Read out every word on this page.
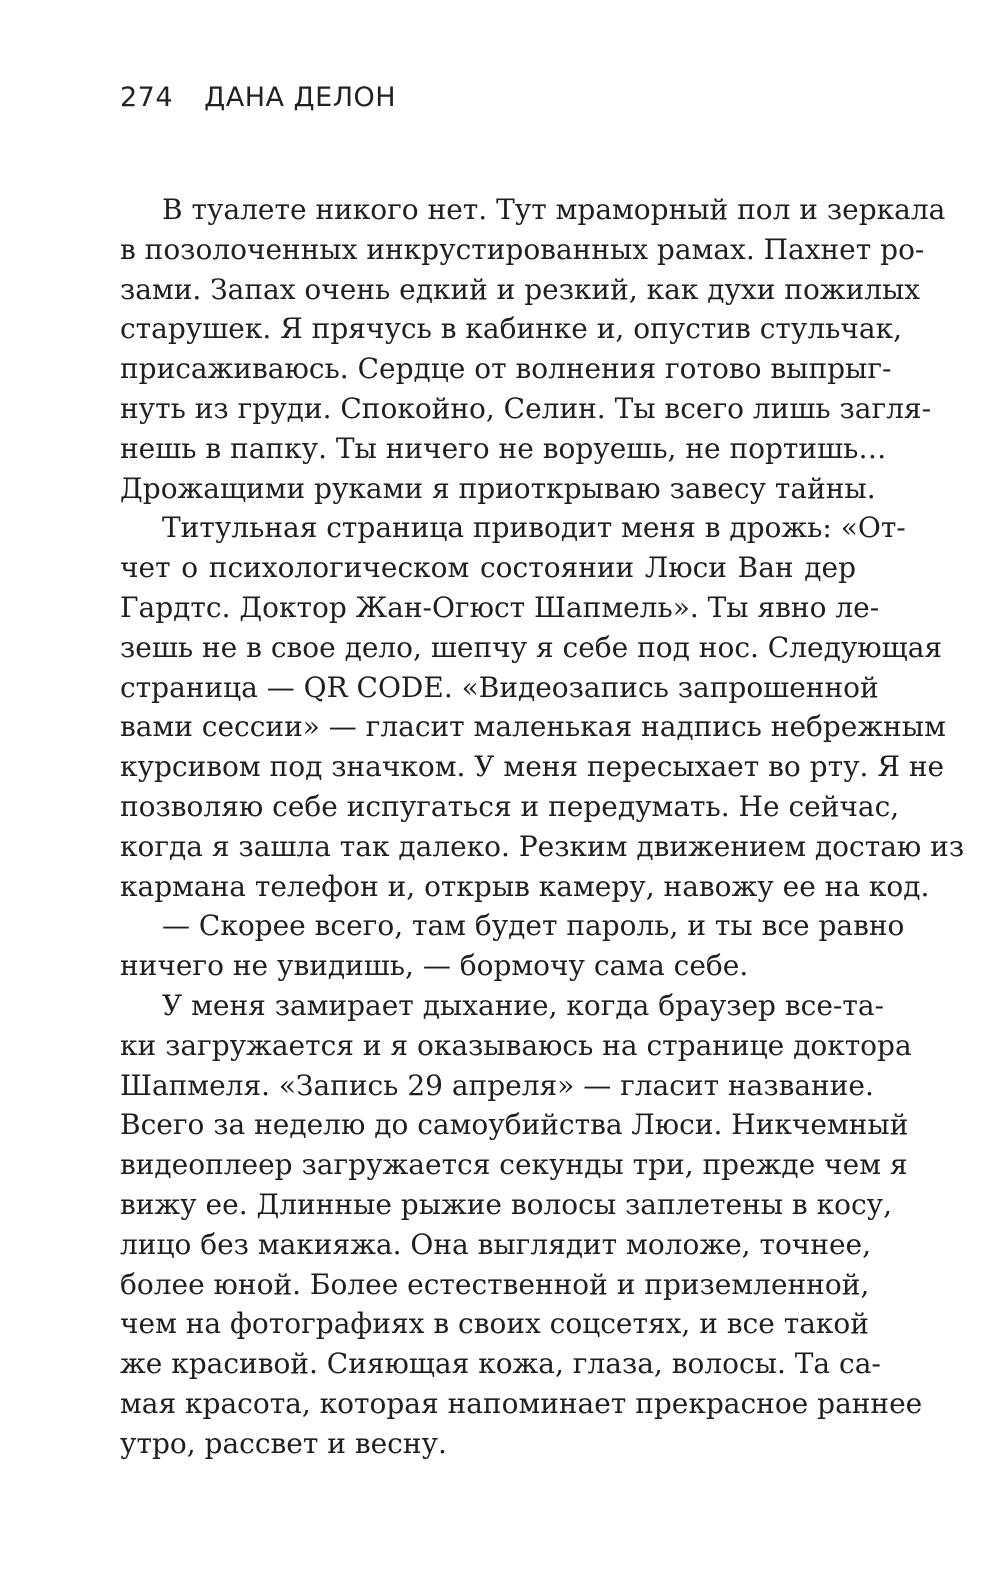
274 ДАНА ДЕЛОН
В туалете никого нет. Тут мраморный пол и зеркала
в позолоченных инкрустированных рамах. Пахнет ро-
зами. Запах очень едкий и резкий, как духи пожилых
старушек. Я прячусь в кабинке и, опустив стульчак,
присаживаюсь. Сердце от волнения готово выпрыг-
нуть из груди. Спокойно, Селин. Ты всего лишь загля-
нешь в папку. Ты ничего не воруешь, не портишь…
Дрожащими руками я приоткрываю завесу тайны.
Титульная страница приводит меня в дрожь: «От-
чет о психологическом состоянии Люси Ван дер
Гардтс. Доктор Жан-Огюст Шапмель». Ты явно ле-
зешь не в свое дело, шепчу я себе под нос. Следующая
страница — QR CODE. «Видеозапись запрошенной
вами сессии» — гласит маленькая надпись небрежным
курсивом под значком. У меня пересыхает во рту. Я не
позволяю себе испугаться и передумать. Не сейчас,
когда я зашла так далеко. Резким движением достаю из
кармана телефон и, открыв камеру, навожу ее на код.
— Скорее всего, там будет пароль, и ты все равно
ничего не увидишь, — бормочу сама себе.
У меня замирает дыхание, когда браузер все-та-
ки загружается и я оказываюсь на странице доктора
Шапмеля. «Запись 29 апреля» — гласит название.
Всего за неделю до самоубийства Люси. Никчемный
видеоплеер загружается секунды три, прежде чем я
вижу ее. Длинные рыжие волосы заплетены в косу,
лицо без макияжа. Она выглядит моложе, точнее,
более юной. Более естественной и приземленной,
чем на фотографиях в своих соцсетях, и все такой
же красивой. Сияющая кожа, глаза, волосы. Та са-
мая красота, которая напоминает прекрасное раннее
утро, рассвет и весну.
